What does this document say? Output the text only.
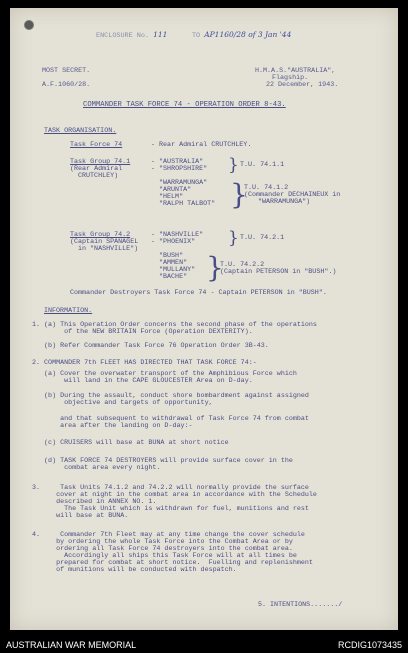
ENCLOSURE No. 111	TO AP1160/28 of 3 Jan '44
MOST SECRET.
A.F.1060/28.
H.M.A.S."AUSTRALIA",
Flagship.
22 December, 1943.
COMMANDER TASK FORCE 74 - OPERATION ORDER 8-43.
TASK ORGANISATION.
Task Force 74	- Rear Admiral CRUTCHLEY.
Task Group 74.1
(Rear Admiral
CRUTCHLEY)
- "AUSTRALIA"
- "SHROPSHIRE" } T.U. 74.1.1
"WARRAMUNGA"
"ARUNTA"
"HELM"
"RALPH TALBOT" }
T.U. 74.1.2
(Commander DECHAINEUX in
"WARRAMUNGA")
Task Group 74.2
(Captain SPANAGEL
in "NASHVILLE")
- "NASHVILLE"
- "PHOENIX" } T.U. 74.2.1
"BUSH"
"AMMEN"
"MULLANY"
"BACHE" }
T.U. 74.2.2
(Captain PETERSON in "BUSH".)
Commander Destroyers Task Force 74 - Captain PETERSON in "BUSH".
INFORMATION.
1. (a) This Operation Order concerns the second phase of the operations
of the NEW BRITAIN Force (Operation DEXTERITY).
(b) Refer Commander Task Force 76 Operation Order 3B-43.
2. COMMANDER 7th FLEET HAS DIRECTED THAT TASK FORCE 74:-
(a) Cover the overwater transport of the Amphibious Force which
will land in the CAPE GLOUCESTER Area on D-day.
(b) During the assault, conduct shore bombardment against assigned
objective and targets of opportunity,
and that subsequent to withdrawal of Task Force 74 from combat
area after the landing on D-day:-
(c) CRUISERS will base at BUNA at short notice
(d) TASK FORCE 74 DESTROYERS will provide surface cover in the
combat area every night.
3.     Task Units 74.1.2 and 74.2.2 will normally provide the surface
cover at night in the combat area in accordance with the Schedule
described in ANNEX NO. 1.
The Task Unit which is withdrawn for fuel, munitions and rest
will base at BUNA.
4.     Commander 7th Fleet may at any time change the cover schedule
by ordering the whole Task Force into the Combat Area or by
ordering all Task Force 74 destroyers into the combat area.
Accordingly all ships this Task Force will at all times be
prepared for combat at short notice.  Fuelling and replenishment
of munitions will be conducted with despatch.
5. INTENTIONS......./
AUSTRALIAN WAR MEMORIAL	RCDIG1073435
